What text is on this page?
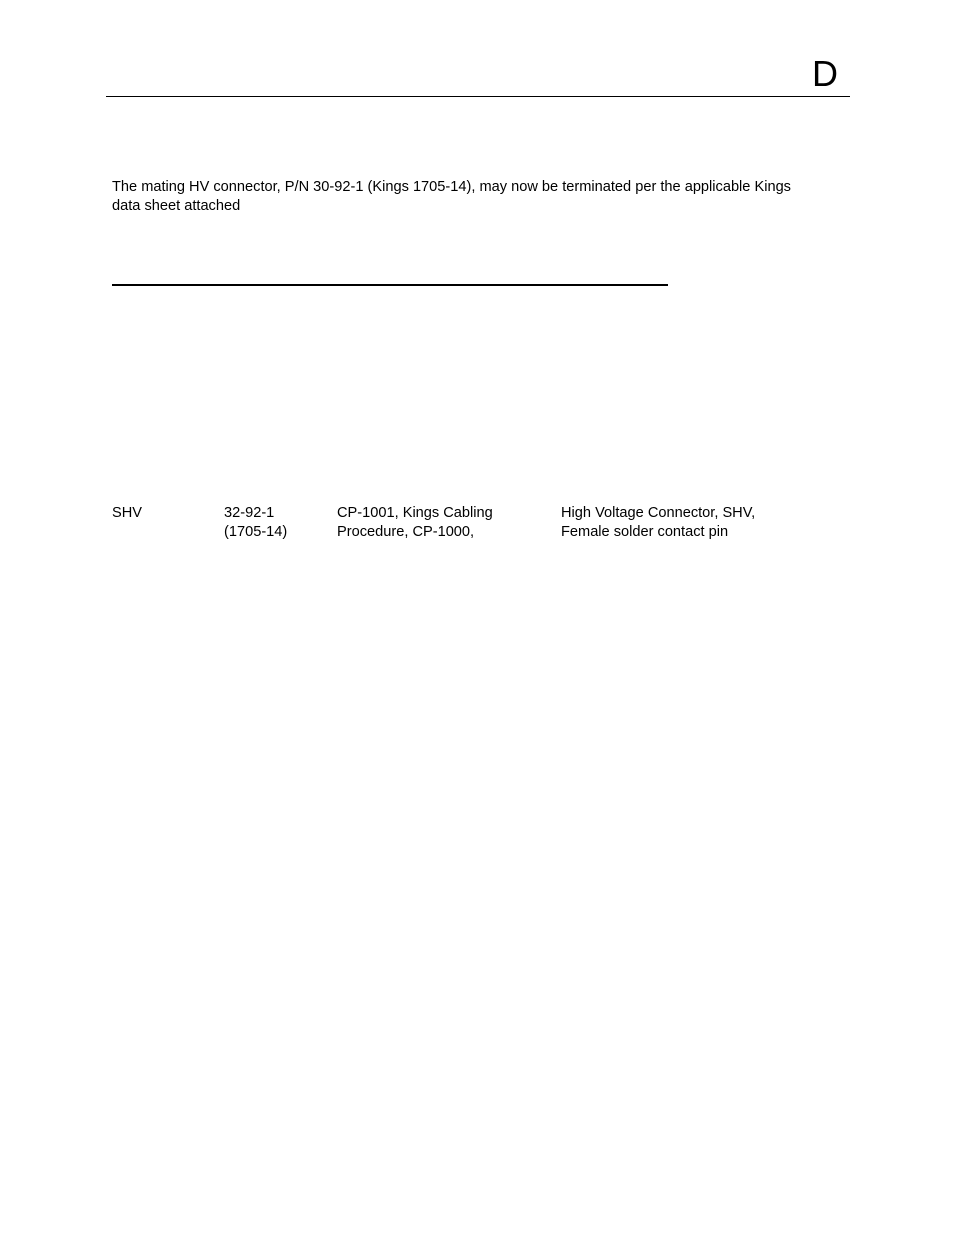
D

The mating HV connector, P/N 30-92-1 (Kings 1705-14), may now be terminated per the applicable Kings
data sheet attached

SHV	32-92-1
(1705-14)
CP-1001, Kings Cabling
Procedure, CP-1000,
High Voltage Connector, SHV,
Female solder contact pin
